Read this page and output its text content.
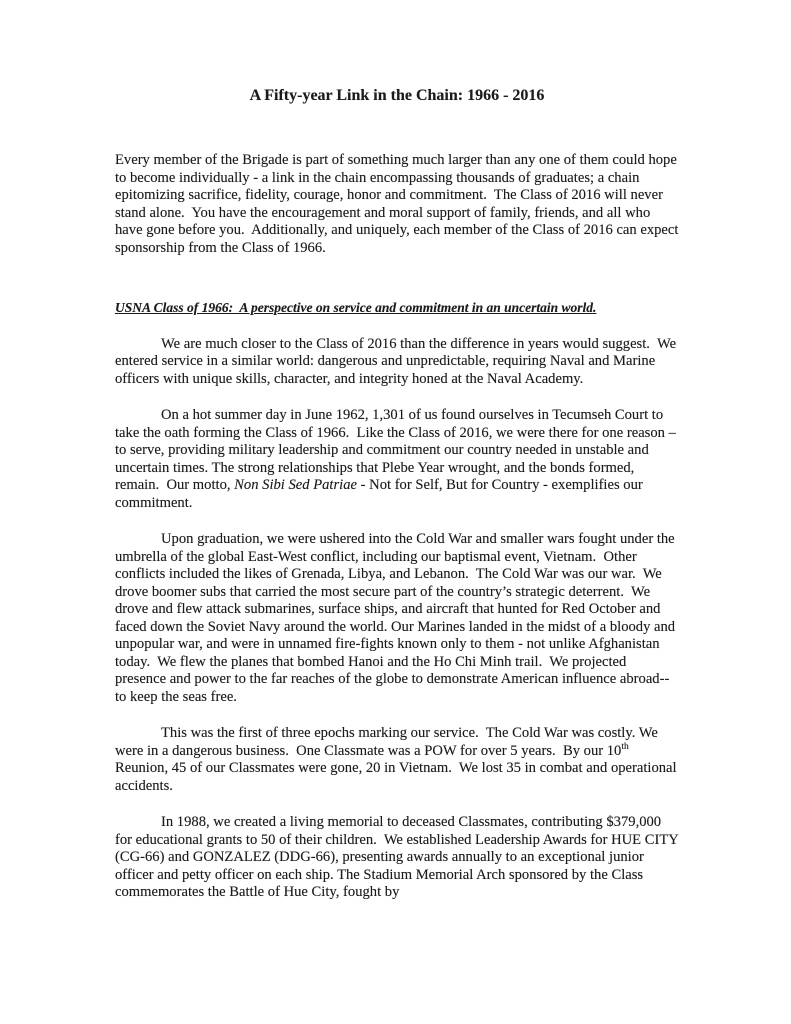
A Fifty-year Link in the Chain: 1966 - 2016

Every member of the Brigade is part of something much larger than any one of them could hope to become individually - a link in the chain encompassing thousands of graduates; a chain epitomizing sacrifice, fidelity, courage, honor and commitment.  The Class of 2016 will never stand alone.  You have the encouragement and moral support of family, friends, and all who have gone before you.  Additionally, and uniquely, each member of the Class of 2016 can expect sponsorship from the Class of 1966.

USNA Class of 1966:  A perspective on service and commitment in an uncertain world.

We are much closer to the Class of 2016 than the difference in years would suggest.  We entered service in a similar world: dangerous and unpredictable, requiring Naval and Marine officers with unique skills, character, and integrity honed at the Naval Academy.

On a hot summer day in June 1962, 1,301 of us found ourselves in Tecumseh Court to take the oath forming the Class of 1966.  Like the Class of 2016, we were there for one reason – to serve, providing military leadership and commitment our country needed in unstable and uncertain times. The strong relationships that Plebe Year wrought, and the bonds formed, remain.  Our motto, Non Sibi Sed Patriae - Not for Self, But for Country - exemplifies our commitment.

Upon graduation, we were ushered into the Cold War and smaller wars fought under the umbrella of the global East-West conflict, including our baptismal event, Vietnam.  Other conflicts included the likes of Grenada, Libya, and Lebanon.  The Cold War was our war.  We drove boomer subs that carried the most secure part of the country’s strategic deterrent.  We drove and flew attack submarines, surface ships, and aircraft that hunted for Red October and faced down the Soviet Navy around the world. Our Marines landed in the midst of a bloody and unpopular war, and were in unnamed fire-fights known only to them - not unlike Afghanistan today.  We flew the planes that bombed Hanoi and the Ho Chi Minh trail.  We projected presence and power to the far reaches of the globe to demonstrate American influence abroad--to keep the seas free.

This was the first of three epochs marking our service.  The Cold War was costly. We were in a dangerous business.  One Classmate was a POW for over 5 years.  By our 10th Reunion, 45 of our Classmates were gone, 20 in Vietnam.  We lost 35 in combat and operational accidents.

In 1988, we created a living memorial to deceased Classmates, contributing $379,000 for educational grants to 50 of their children.  We established Leadership Awards for HUE CITY (CG-66) and GONZALEZ (DDG-66), presenting awards annually to an exceptional junior officer and petty officer on each ship. The Stadium Memorial Arch sponsored by the Class commemorates the Battle of Hue City, fought by
